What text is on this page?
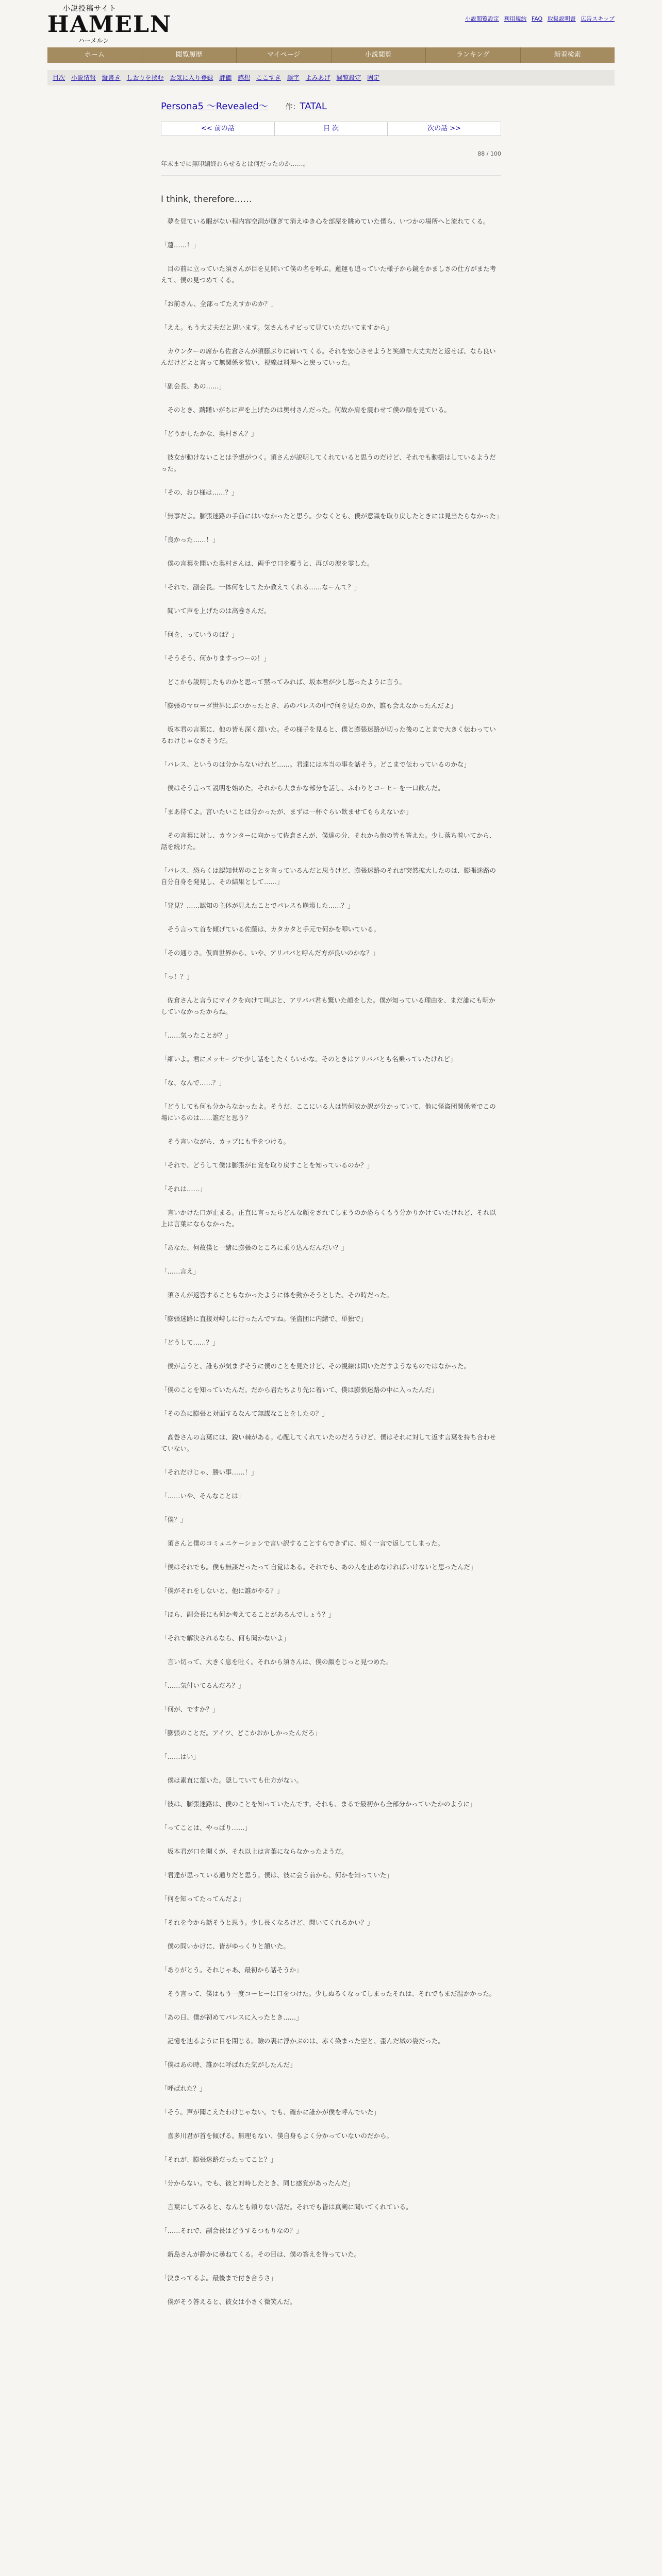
小説投稿サイト
HAMELN
ハーメルン
小説閲覧設定 利用規約 FAQ 取扱説明書 広告スキップ
ホーム	閲覧履歴	マイページ	小説閲覧	ランキング	新着検索
目次 小説情報 縦書き しおりを挟む お気に入り登録 評価 感想 ここすき 誤字 よみあげ 閲覧設定 固定
Persona5 ～Revealed～ 作：TATAL
<< 前の話	目 次	次の話 >>
88 / 100
年末までに無印編終わらせるとは何だったのか……。
I think, therefore……

　夢を見ている暇がない程内容空洞が運ぎて消えゆき心を部屋を眺めていた僕ら、いつかの場所へと流れてくる。

「蓮……！」

　目の前に立っていた須さんが目を見開いて僕の名を呼ぶ。蓮運も追っていた様子から鏡をかましさの仕方がまた考えて、僕の見つめてくる。

「お前さん、全部ってたえすかのか？」

「ええ。もう大丈夫だと思います。気さんもチビって見ていただいてますから」

　カウンターの席から佐倉さんが須藤ぶりに肩いてくる。それを安心させようと笑顔で大丈夫だと返せば、なら良いんだけどよと言って無関係を装い、視線は料理へと戻っていった。

「副会長、あの……」

　そのとき、躊躇いがちに声を上げたのは奥村さんだった。何故か肩を震わせて僕の顔を見ている。

「どうかしたかな、奥村さん？」

　彼女が動けないことは予想がつく。須さんが説明してくれていると思うのだけど、それでも動揺はしているようだった。

「その、おひ様は……？」

「無事だよ。膨張迷路の手前にはいなかったと思う。少なくとも、僕が意識を取り戻したときには見当たらなかった」

「良かった……！」

　僕の言葉を聞いた奥村さんは、両手で口を覆うと、再びの涙を零した。

「それで、副会長。一体何をしてたか教えてくれる……なーんて？」

　聞いて声を上げたのは高巻さんだ。

「何を、っていうのは？」

「そうそう、何かりますっつーの！」

　どこから説明したものかと思って黙ってみれば、坂本君が少し怒ったように言う。

「膨張のマローダ世界にぶつかったとき、あのパレスの中で何を見たのか、誰も会えなかったんだよ」

　坂本君の言葉に、他の皆も深く頷いた。その様子を見ると、僕と膨張迷路が切った後のことまで大きく伝わっているわけじゃなさそうだ。

「パレス、というのは分からないけれど……。君達には本当の事を話そう。どこまで伝わっているのかな」

　僕はそう言って説明を始めた。それから大まかな部分を話し、ふわりとコーヒーを一口飲んだ。

「まあ待てよ。言いたいことは分かったが、まずは一杯ぐらい飲ませてもらえないか」

　その言葉に対し、カウンターに向かって佐倉さんが、僕達の分、それから他の皆も答えた。少し落ち着いてから、話を続けた。

「パレス、恐らくは認知世界のことを言っているんだと思うけど、膨張迷路のそれが突然拡大したのは、膨張迷路の自分自身を発見し、その結果として……」

「発見？……認知の主体が見えたことでパレスも崩壊した……？」

　そう言って首を傾げている佐藤は、カタカタと手元で何かを叩いている。

「その通りさ。仮面世界から、いや、アリババと呼んだ方が良いのかな？」

「っ！？」

　佐倉さんと言うにマイクを向けて叫ぶと、アリババ君も驚いた顔をした。僕が知っている理由を、まだ誰にも明かしていなかったからね。

「……気ったことが？」

「細いよ。君にメッセージで少し話をしたくらいかな。そのときはアリババとも名乗っていたけれど」

「な、なんで……？」

「どうしても何も分からなかったよ。そうだ、ここにいる人は皆何故か訳が分かっていて、他に怪盗団関係者でこの場にいるのは……誰だと思う？

　そう言いながら、カップにも手をつける。

「それで、どうして僕は膨張が自覚を取り戻すことを知っているのか？」

「それは……」

　言いかけた口が止まる。正直に言ったらどんな顔をされてしまうのか恐らくもう分かりかけていたけれど、それ以上は言葉にならなかった。

「あなた、何故僕と一緒に膨張のところに乗り込んだんだい？」

「……言え」

　須さんが返答することもなかったように体を動かそうとした、その時だった。

「膨張迷路に直接対峙しに行ったんですね。怪盗団に内緒で、単独で」

「どうして……？」

　僕が言うと、誰もが気まずそうに僕のことを見たけど、その視線は問いただすようなものではなかった。

「僕のことを知っていたんだ。だから君たちより先に着いて、僕は膨張迷路の中に入ったんだ」

「その為に膨張と対面するなんて無謀なことをしたの？」

　高巻さんの言葉には、鋭い棘がある。心配してくれていたのだろうけど、僕はそれに対して返す言葉を持ち合わせていない。

「それだけじゃ、勝い事……！」

「……いや、そんなことは」

「僕？」

　須さんと僕のコミュニケーションで言い訳することすらできずに、短く一言で返してしまった。

「僕はそれでも。僕も無謀だったって自覚はある。それでも、あの人を止めなければいけないと思ったんだ」

「僕がそれをしないと、他に誰がやる？」

「ほら、副会長にも何か考えてることがあるんでしょう？」

「それで解決されるなら、何も聞かないよ」

　言い切って、大きく息を吐く。それから須さんは、僕の顔をじっと見つめた。

「……気付いてるんだろ？」

「何が、ですか？」

「膨張のことだ。アイツ、どこかおかしかったんだろ」

「……はい」

　僕は素直に頷いた。隠していても仕方がない。

「彼は、膨張迷路は、僕のことを知っていたんです。それも、まるで最初から全部分かっていたかのように」

「ってことは、やっぱり……」

　坂本君が口を開くが、それ以上は言葉にならなかったようだ。

「君達が思っている通りだと思う。僕は、彼に会う前から、何かを知っていた」

「何を知ってたってんだよ」

「それを今から話そうと思う。少し長くなるけど、聞いてくれるかい？」

　僕の問いかけに、皆がゆっくりと頷いた。

「ありがとう。それじゃあ、最初から話そうか」

　そう言って、僕はもう一度コーヒーに口をつけた。少しぬるくなってしまったそれは、それでもまだ温かかった。

「あの日、僕が初めてパレスに入ったとき……」

　記憶を辿るように目を閉じる。瞼の裏に浮かぶのは、赤く染まった空と、歪んだ城の姿だった。

「僕はあの時、誰かに呼ばれた気がしたんだ」

「呼ばれた？」

「そう。声が聞こえたわけじゃない。でも、確かに誰かが僕を呼んでいた」

　喜多川君が首を傾げる。無理もない、僕自身もよく分かっていないのだから。

「それが、膨張迷路だったってこと？」

「分からない。でも、彼と対峙したとき、同じ感覚があったんだ」

　言葉にしてみると、なんとも頼りない話だ。それでも皆は真剣に聞いてくれている。

「……それで、副会長はどうするつもりなの？」

　新島さんが静かに尋ねてくる。その目は、僕の答えを待っていた。

「決まってるよ。最後まで付き合うさ」

　僕がそう答えると、彼女は小さく微笑んだ。
